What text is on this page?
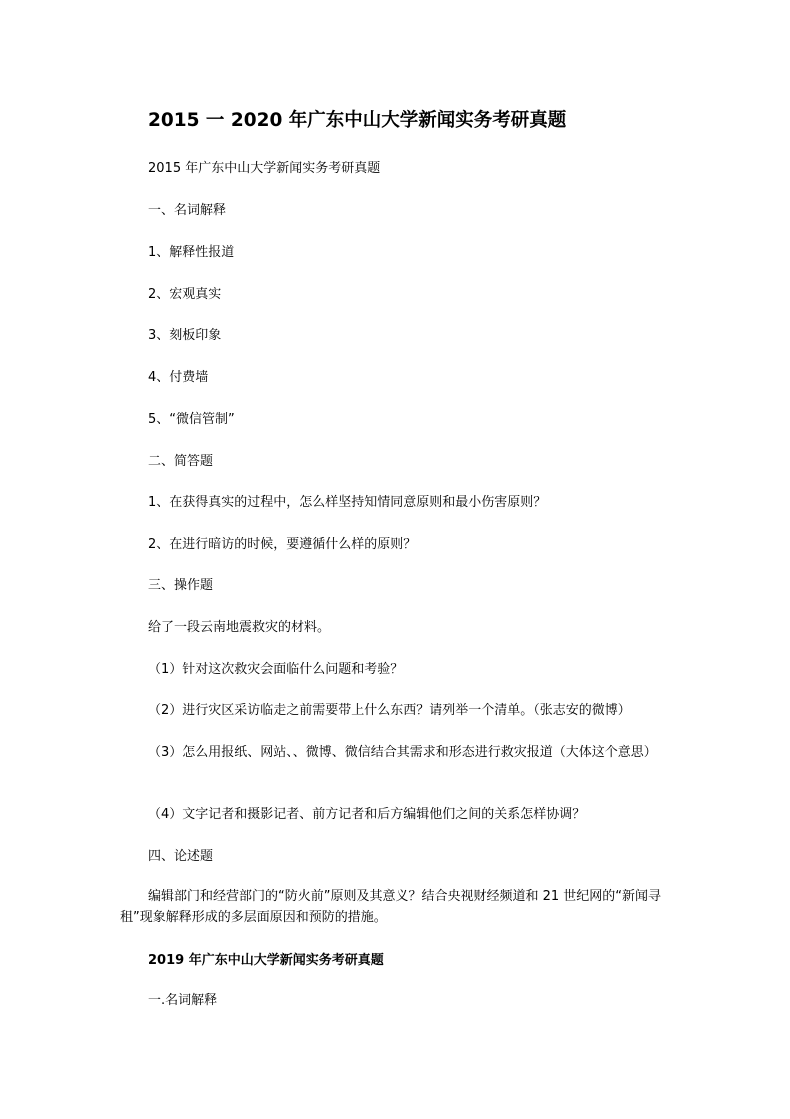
2015 一 2020 年广东中山大学新闻实务考研真题
2015 年广东中山大学新闻实务考研真题
一、名词解释
1、解释性报道
2、宏观真实
3、刻板印象
4、付费墙
5、“微信管制”
二、简答题
1、在获得真实的过程中，怎么样坚持知情同意原则和最小伤害原则？
2、在进行暗访的时候，要遵循什么样的原则？
三、操作题
给了一段云南地震救灾的材料。
（1）针对这次救灾会面临什么问题和考验？
（2）进行灾区采访临走之前需要带上什么东西？请列举一个清单。（张志安的微博）
（3）怎么用报纸、网站、、微博、微信结合其需求和形态进行救灾报道（大体这个意思）
（4）文字记者和摄影记者、前方记者和后方编辑他们之间的关系怎样协调？
四、论述题
编辑部门和经营部门的“防火前”原则及其意义？结合央视财经频道和 21 世纪网的“新闻寻租”现象解释形成的多层面原因和预防的措施。
2019 年广东中山大学新闻实务考研真题
一.名词解释
